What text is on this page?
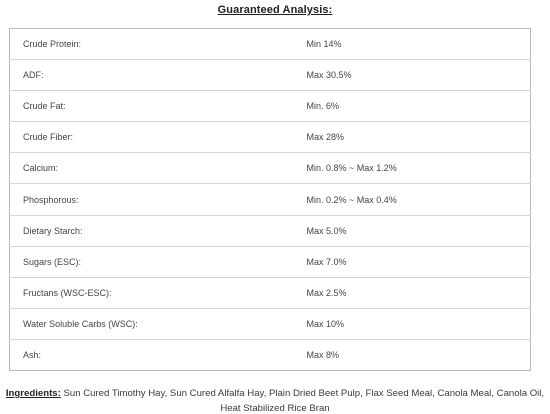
Guaranteed Analysis:
Crude Protein:	Min 14%
ADF:	Max 30.5%
Crude Fat:	Min. 6%
Crude Fiber:	Max 28%
Calcium:	Min. 0.8% ~ Max 1.2%
Phosphorous:	Min. 0.2% ~ Max 0.4%
Dietary Starch:	Max 5.0%
Sugars (ESC):	Max 7.0%
Fructans (WSC-ESC):	Max 2.5%
Water Soluble Carbs (WSC):	Max 10%
Ash:	Max 8%
Ingredients: Sun Cured Timothy Hay, Sun Cured Alfalfa Hay, Plain Dried Beet Pulp, Flax Seed Meal, Canola Meal, Canola Oil,
Heat Stabilized Rice Bran
